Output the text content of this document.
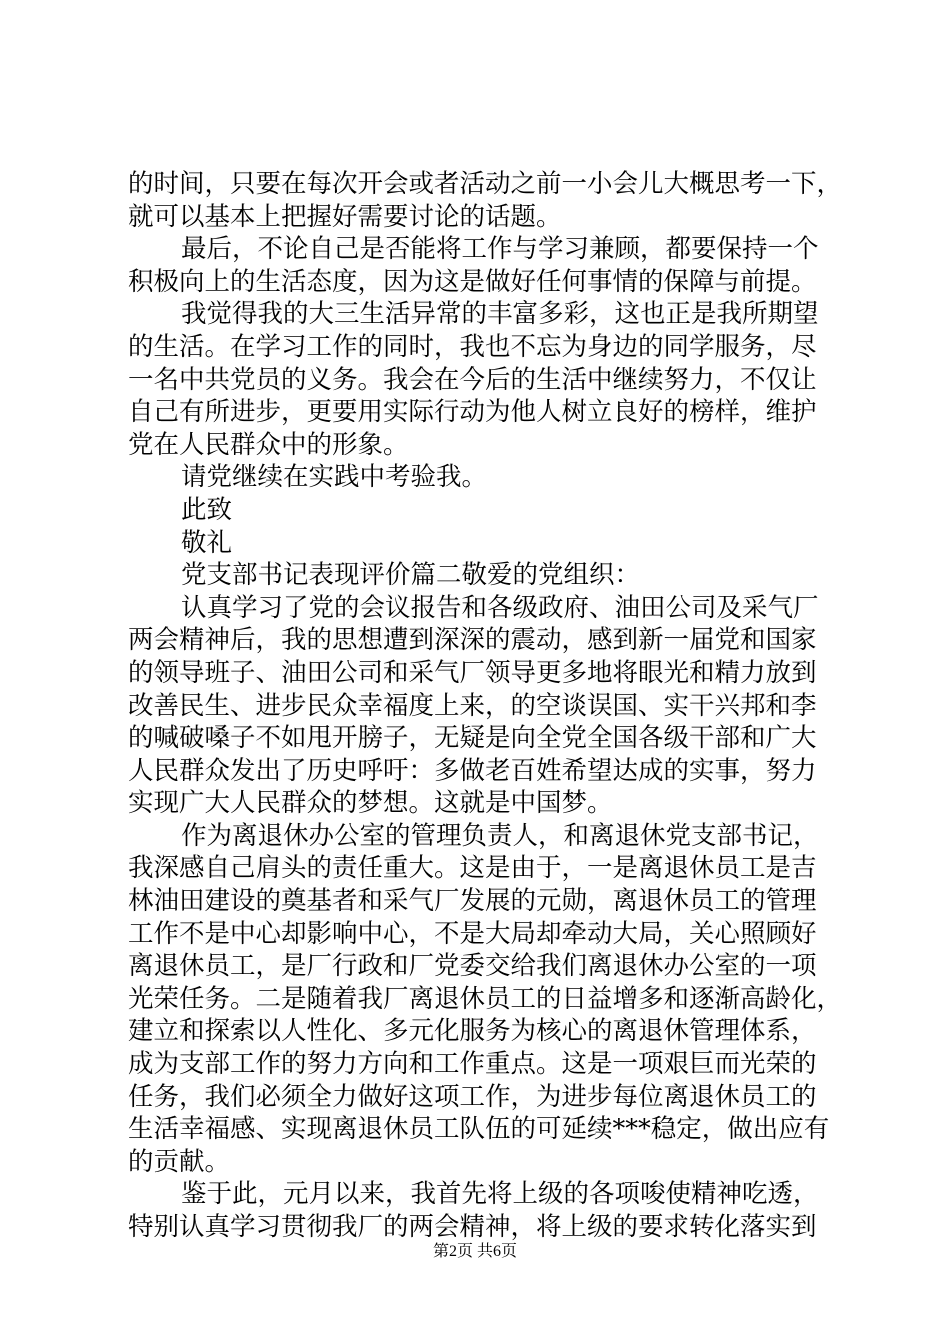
的时间，只要在每次开会或者活动之前一小会儿大概思考一下，
就可以基本上把握好需要讨论的话题。
最后，不论自己是否能将工作与学习兼顾，都要保持一个
积极向上的生活态度，因为这是做好任何事情的保障与前提。
我觉得我的大三生活异常的丰富多彩，这也正是我所期望
的生活。在学习工作的同时，我也不忘为身边的同学服务，尽
一名中共党员的义务。我会在今后的生活中继续努力，不仅让
自己有所进步，更要用实际行动为他人树立良好的榜样，维护
党在人民群众中的形象。
请党继续在实践中考验我。
此致
敬礼
党支部书记表现评价篇二敬爱的党组织：
认真学习了党的会议报告和各级政府、油田公司及采气厂
两会精神后，我的思想遭到深深的震动，感到新一届党和国家
的领导班子、油田公司和采气厂领导更多地将眼光和精力放到
改善民生、进步民众幸福度上来，的空谈误国、实干兴邦和李
的喊破嗓子不如甩开膀子，无疑是向全党全国各级干部和广大
人民群众发出了历史呼吁：多做老百姓希望达成的实事，努力
实现广大人民群众的梦想。这就是中国梦。
作为离退休办公室的管理负责人，和离退休党支部书记，
我深感自己肩头的责任重大。这是由于，一是离退休员工是吉
林油田建设的奠基者和采气厂发展的元勋，离退休员工的管理
工作不是中心却影响中心，不是大局却牵动大局，关心照顾好
离退休员工，是厂行政和厂党委交给我们离退休办公室的一项
光荣任务。二是随着我厂离退休员工的日益增多和逐渐高龄化，
建立和探索以人性化、多元化服务为核心的离退休管理体系，
成为支部工作的努力方向和工作重点。这是一项艰巨而光荣的
任务，我们必须全力做好这项工作，为进步每位离退休员工的
生活幸福感、实现离退休员工队伍的可延续***稳定，做出应有
的贡献。
鉴于此，元月以来，我首先将上级的各项唆使精神吃透，
特别认真学习贯彻我厂的两会精神，将上级的要求转化落实到
第2页 共6页
